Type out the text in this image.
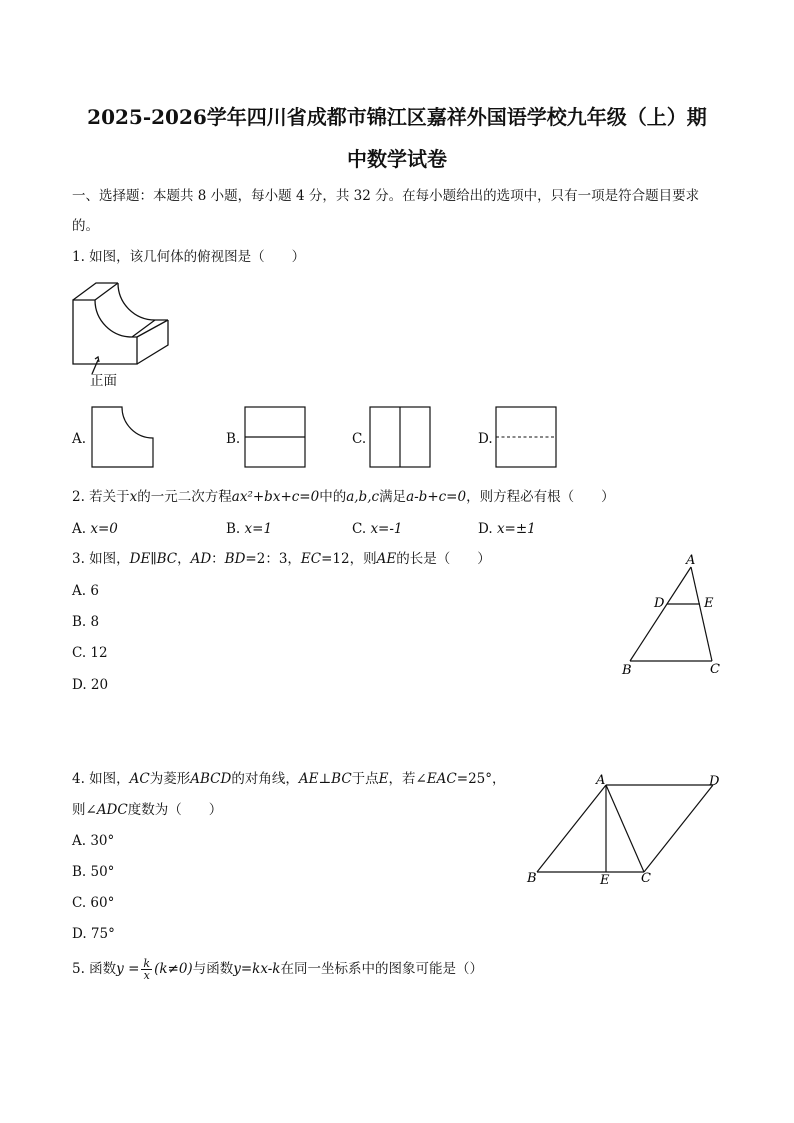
2025-2026学年四川省成都市锦江区嘉祥外国语学校九年级（上）期
中数学试卷
一、选择题：本题共 8 小题，每小题 4 分，共 32 分。在每小题给出的选项中，只有一项是符合题目要求
的。
1. 如图，该几何体的俯视图是（　　）
正面
A.	B.	C.	D.
2. 若关于x的一元二次方程ax²+bx+c=0中的a,b,c满足a-b+c=0，则方程必有根（　　）
A. x=0	B. x=1	C. x=-1	D. x=±1
3. 如图，DE∥BC，AD：BD=2：3，EC=12，则AE的长是（　　）
A. 6
B. 8
C. 12
D. 20
A
D	E
B	C
4. 如图，AC为菱形ABCD的对角线，AE⊥BC于点E，若∠EAC=25°，
则∠ADC度数为（　　）
A. 30°
B. 50°
C. 60°
D. 75°
A	D
B	E C
5. 函数$y = \frac{k}{x} (k\ne 0)$与函数y=kx-k在同一坐标系中的图象可能是（）
